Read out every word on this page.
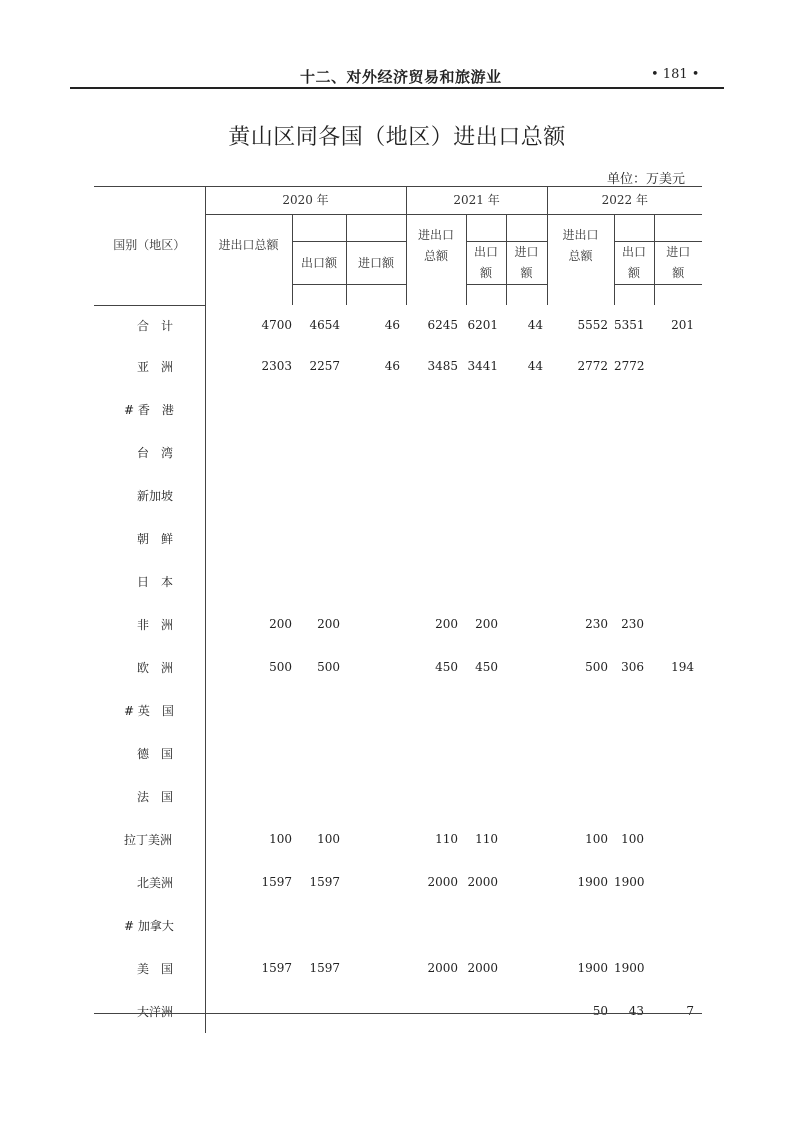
十二、对外经济贸易和旅游业	• 181 •
黄山区同各国（地区）进出口总额
单位：万美元
国别（地区）	2020 年			2021 年			2022 年		
	进出口总额	出口额	进口额	进出口总额	出口额	进口额	进出口总额	出口额	进口额

合　计	4700	4654	46	6245	6201	44	5552	5351	201
亚　洲	2303	2257	46	3485	3441	44	2772	2772	
# 香　港									
台　湾									
新加坡									
朝　鲜									
日　本									
非　洲	200	200		200	200		230	230	
欧　洲	500	500		450	450		500	306	194
# 英　国									
德　国									
法　国									
拉丁美洲	100	100		110	110		100	100	
北美洲	1597	1597		2000	2000		1900	1900	
# 加拿大									
美　国	1597	1597		2000	2000		1900	1900	
大洋洲							50	43	7
